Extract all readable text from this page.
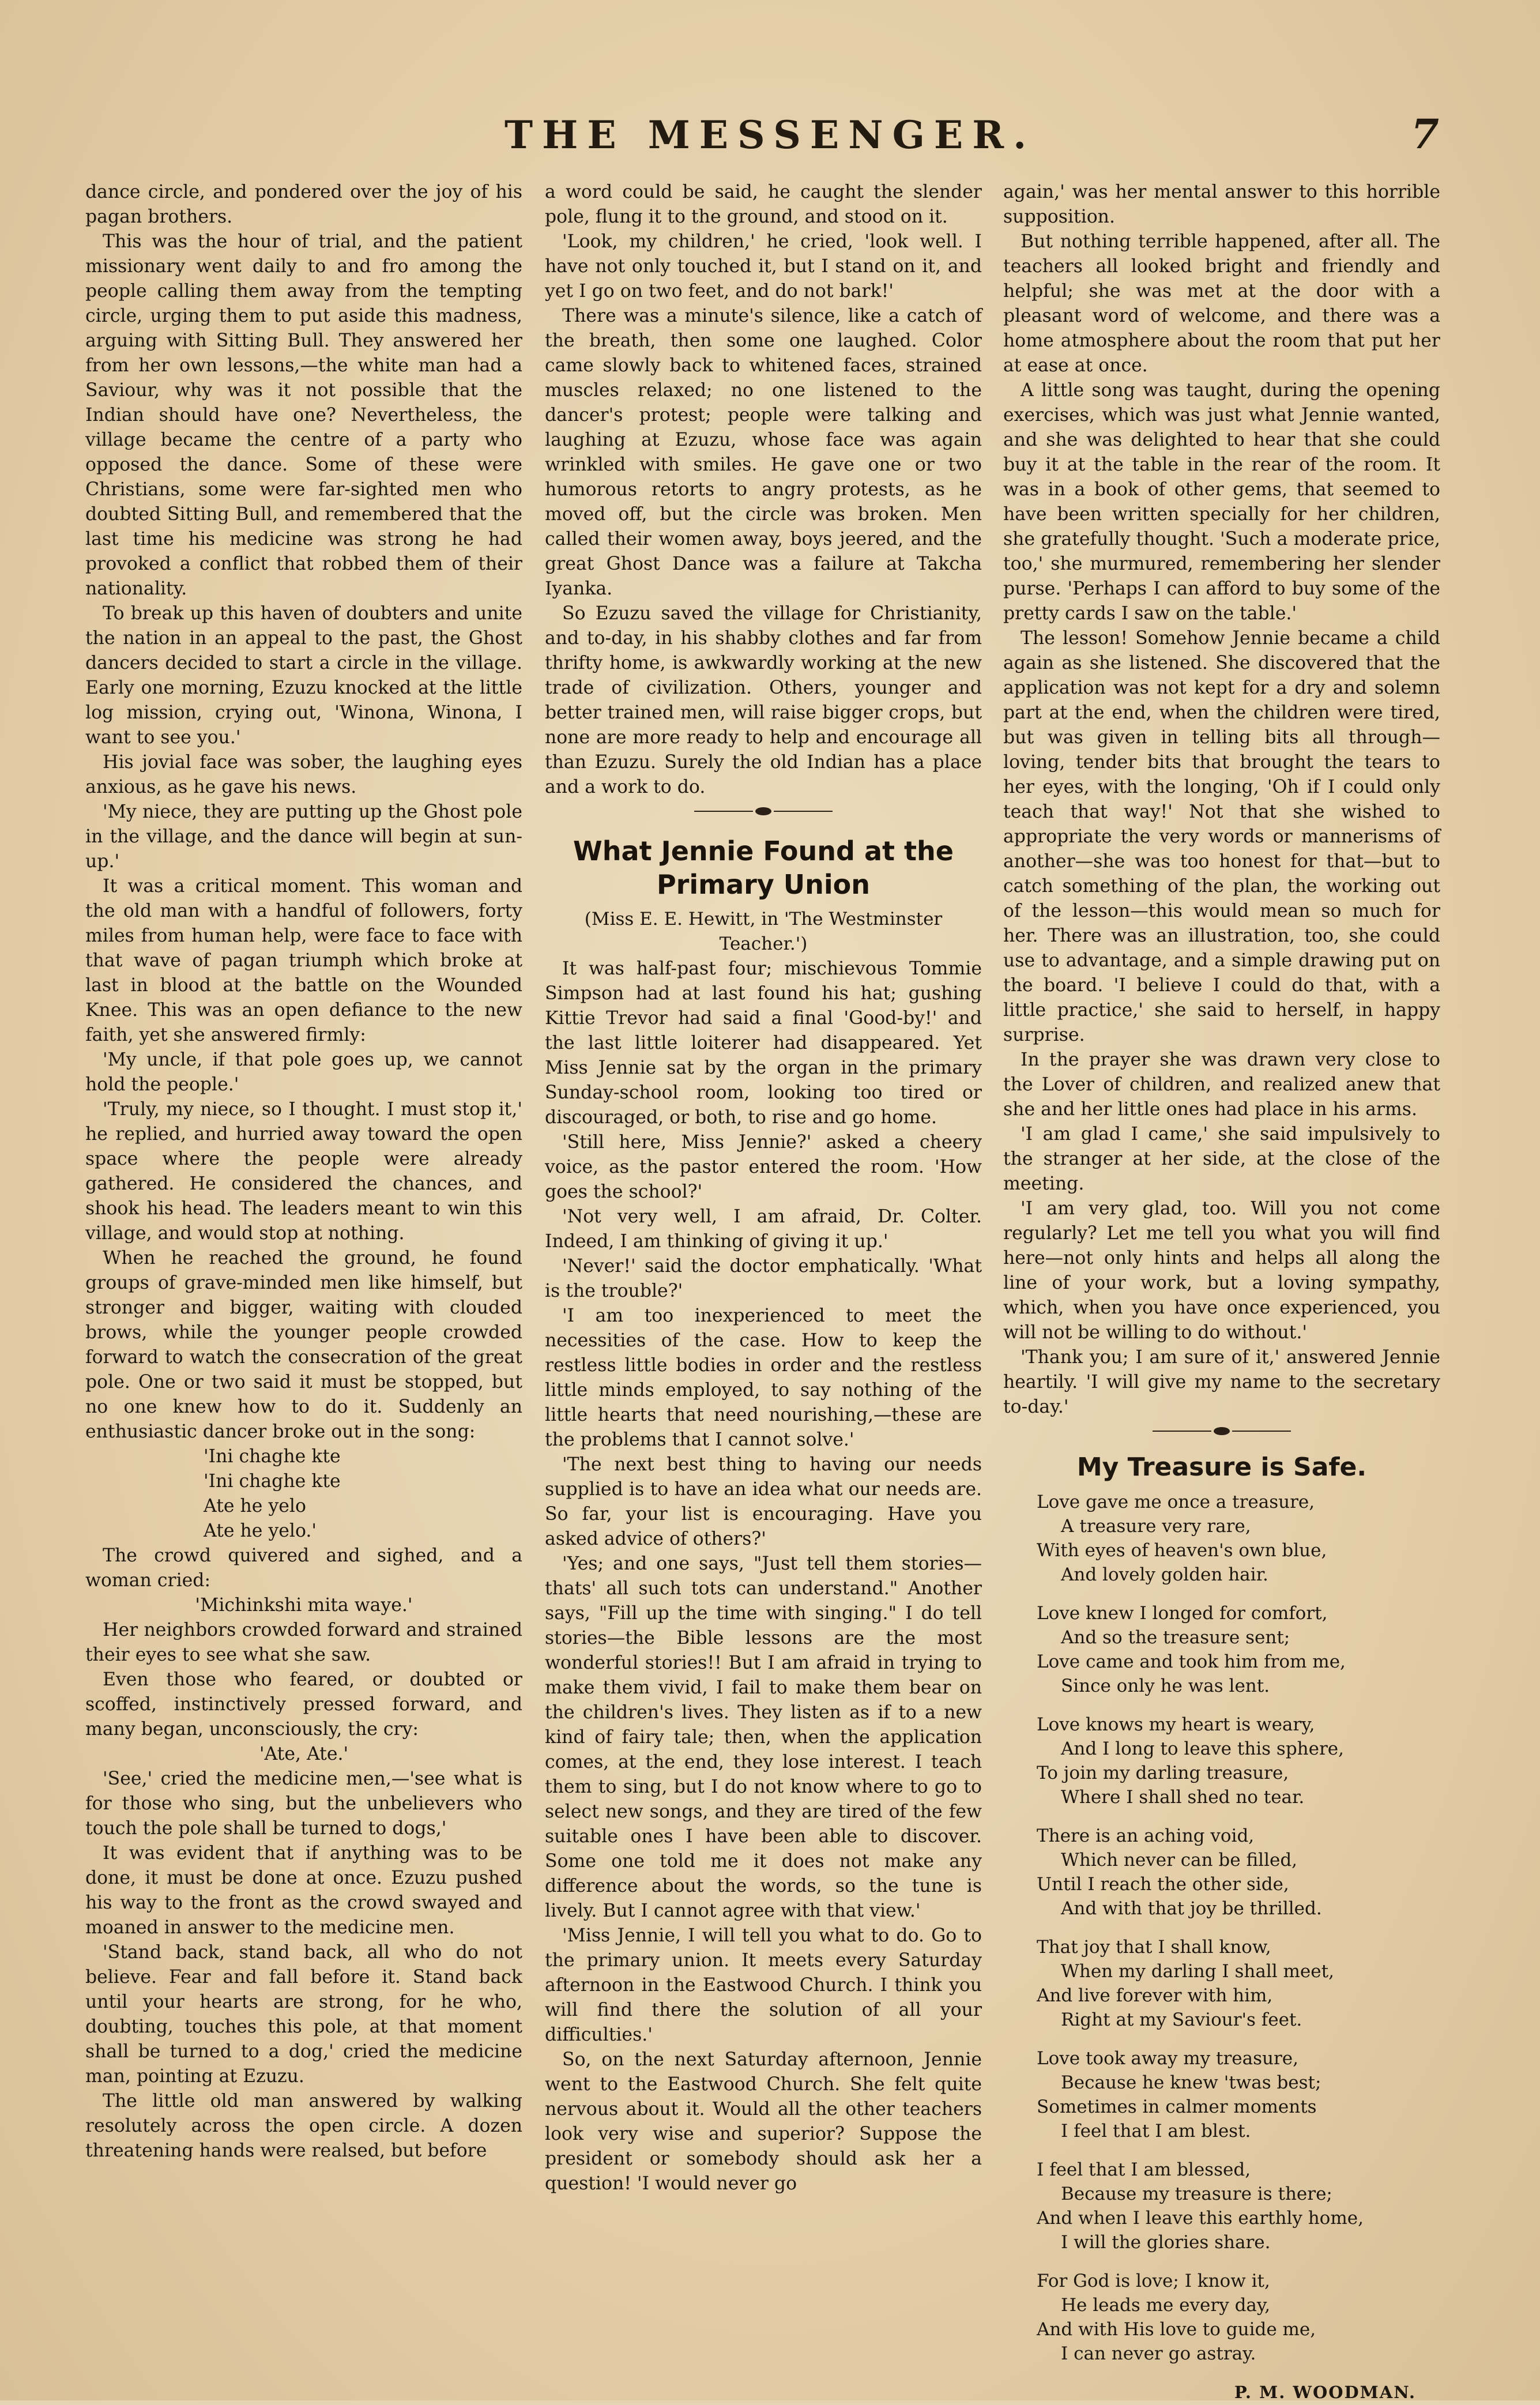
THE MESSENGER.	7

dance circle, and pondered over the joy of his pagan brothers.

This was the hour of trial, and the patient missionary went daily to and fro among the people calling them away from the tempting circle, urging them to put aside this madness, arguing with Sitting Bull. They answered her from her own lessons,—the white man had a Saviour, why was it not possible that the Indian should have one? Nevertheless, the village became the centre of a party who opposed the dance. Some of these were Christians, some were far-sighted men who doubted Sitting Bull, and remembered that the last time his medicine was strong he had provoked a conflict that robbed them of their nationality.

To break up this haven of doubters and unite the nation in an appeal to the past, the Ghost dancers decided to start a circle in the village. Early one morning, Ezuzu knocked at the little log mission, crying out, 'Winona, Winona, I want to see you.'

His jovial face was sober, the laughing eyes anxious, as he gave his news.

'My niece, they are putting up the Ghost pole in the village, and the dance will begin at sun-up.'

It was a critical moment. This woman and the old man with a handful of followers, forty miles from human help, were face to face with that wave of pagan triumph which broke at last in blood at the battle on the Wounded Knee. This was an open defiance to the new faith, yet she answered firmly:

'My uncle, if that pole goes up, we cannot hold the people.'

'Truly, my niece, so I thought. I must stop it,' he replied, and hurried away toward the open space where the people were already gathered. He considered the chances, and shook his head. The leaders meant to win this village, and would stop at nothing.

When he reached the ground, he found groups of grave-minded men like himself, but stronger and bigger, waiting with clouded brows, while the younger people crowded forward to watch the consecration of the great pole. One or two said it must be stopped, but no one knew how to do it. Suddenly an enthusiastic dancer broke out in the song:

'Ini chaghe kte
'Ini chaghe kte
Ate he yelo
Ate he yelo.'

The crowd quivered and sighed, and a woman cried:

'Michinkshi mita waye.'

Her neighbors crowded forward and strained their eyes to see what she saw.

Even those who feared, or doubted or scoffed, instinctively pressed forward, and many began, unconsciously, the cry:

'Ate, Ate.'

'See,' cried the medicine men,—'see what is for those who sing, but the unbelievers who touch the pole shall be turned to dogs,'

It was evident that if anything was to be done, it must be done at once. Ezuzu pushed his way to the front as the crowd swayed and moaned in answer to the medicine men.

'Stand back, stand back, all who do not believe. Fear and fall before it. Stand back until your hearts are strong, for he who, doubting, touches this pole, at that moment shall be turned to a dog,' cried the medicine man, pointing at Ezuzu.

The little old man answered by walking resolutely across the open circle. A dozen threatening hands were realsed, but before

a word could be said, he caught the slender pole, flung it to the ground, and stood on it.

'Look, my children,' he cried, 'look well. I have not only touched it, but I stand on it, and yet I go on two feet, and do not bark!'

There was a minute's silence, like a catch of the breath, then some one laughed. Color came slowly back to whitened faces, strained muscles relaxed; no one listened to the dancer's protest; people were talking and laughing at Ezuzu, whose face was again wrinkled with smiles. He gave one or two humorous retorts to angry protests, as he moved off, but the circle was broken. Men called their women away, boys jeered, and the great Ghost Dance was a failure at Takcha Iyanka.

So Ezuzu saved the village for Christianity, and to-day, in his shabby clothes and far from thrifty home, is awkwardly working at the new trade of civilization. Others, younger and better trained men, will raise bigger crops, but none are more ready to help and encourage all than Ezuzu. Surely the old Indian has a place and a work to do.

What Jennie Found at the Primary Union

(Miss E. E. Hewitt, in 'The Westminster Teacher.')

It was half-past four; mischievous Tommie Simpson had at last found his hat; gushing Kittie Trevor had said a final 'Good-by!' and the last little loiterer had disappeared. Yet Miss Jennie sat by the organ in the primary Sunday-school room, looking too tired or discouraged, or both, to rise and go home.

'Still here, Miss Jennie?' asked a cheery voice, as the pastor entered the room. 'How goes the school?'

'Not very well, I am afraid, Dr. Colter. Indeed, I am thinking of giving it up.'

'Never!' said the doctor emphatically. 'What is the trouble?'

'I am too inexperienced to meet the necessities of the case. How to keep the restless little bodies in order and the restless little minds employed, to say nothing of the little hearts that need nourishing,—these are the problems that I cannot solve.'

'The next best thing to having our needs supplied is to have an idea what our needs are. So far, your list is encouraging. Have you asked advice of others?'

'Yes; and one says, "Just tell them stories—thats' all such tots can understand." Another says, "Fill up the time with singing." I do tell stories—the Bible lessons are the most wonderful stories!! But I am afraid in trying to make them vivid, I fail to make them bear on the children's lives. They listen as if to a new kind of fairy tale; then, when the application comes, at the end, they lose interest. I teach them to sing, but I do not know where to go to select new songs, and they are tired of the few suitable ones I have been able to discover. Some one told me it does not make any difference about the words, so the tune is lively. But I cannot agree with that view.'

'Miss Jennie, I will tell you what to do. Go to the primary union. It meets every Saturday afternoon in the Eastwood Church. I think you will find there the solution of all your difficulties.'

So, on the next Saturday afternoon, Jennie went to the Eastwood Church. She felt quite nervous about it. Would all the other teachers look very wise and superior? Suppose the president or somebody should ask her a question! 'I would never go

again,' was her mental answer to this horrible supposition.

But nothing terrible happened, after all. The teachers all looked bright and friendly and helpful; she was met at the door with a pleasant word of welcome, and there was a home atmosphere about the room that put her at ease at once.

A little song was taught, during the opening exercises, which was just what Jennie wanted, and she was delighted to hear that she could buy it at the table in the rear of the room. It was in a book of other gems, that seemed to have been written specially for her children, she gratefully thought. 'Such a moderate price, too,' she murmured, remembering her slender purse. 'Perhaps I can afford to buy some of the pretty cards I saw on the table.'

The lesson! Somehow Jennie became a child again as she listened. She discovered that the application was not kept for a dry and solemn part at the end, when the children were tired, but was given in telling bits all through—loving, tender bits that brought the tears to her eyes, with the longing, 'Oh if I could only teach that way!' Not that she wished to appropriate the very words or mannerisms of another—she was too honest for that—but to catch something of the plan, the working out of the lesson—this would mean so much for her. There was an illustration, too, she could use to advantage, and a simple drawing put on the board. 'I believe I could do that, with a little practice,' she said to herself, in happy surprise.

In the prayer she was drawn very close to the Lover of children, and realized anew that she and her little ones had place in his arms.

'I am glad I came,' she said impulsively to the stranger at her side, at the close of the meeting.

'I am very glad, too. Will you not come regularly? Let me tell you what you will find here—not only hints and helps all along the line of your work, but a loving sympathy, which, when you have once experienced, you will not be willing to do without.'

'Thank you; I am sure of it,' answered Jennie heartily. 'I will give my name to the secretary to-day.'

My Treasure is Safe.
Love gave me once a treasure,
A treasure very rare,
With eyes of heaven's own blue,
And lovely golden hair.
Love knew I longed for comfort,
And so the treasure sent;
Love came and took him from me,
Since only he was lent.
Love knows my heart is weary,
And I long to leave this sphere,
To join my darling treasure,
Where I shall shed no tear.
There is an aching void,
Which never can be filled,
Until I reach the other side,
And with that joy be thrilled.
That joy that I shall know,
When my darling I shall meet,
And live forever with him,
Right at my Saviour's feet.
Love took away my treasure,
Because he knew 'twas best;
Sometimes in calmer moments
I feel that I am blest.
I feel that I am blessed,
Because my treasure is there;
And when I leave this earthly home,
I will the glories share.
For God is love; I know it,
He leads me every day,
And with His love to guide me,
I can never go astray.
P. M. WOODMAN.
